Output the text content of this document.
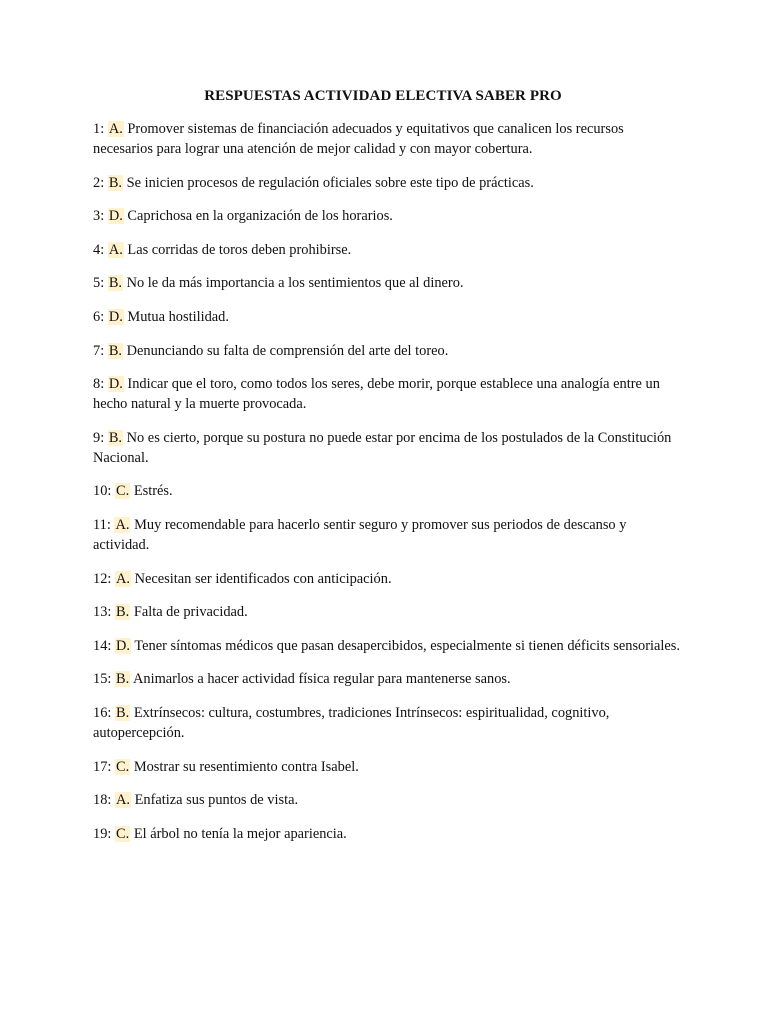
RESPUESTAS ACTIVIDAD ELECTIVA SABER PRO
1: A. Promover sistemas de financiación adecuados y equitativos que canalicen los recursos necesarios para lograr una atención de mejor calidad y con mayor cobertura.
2: B. Se inicien procesos de regulación oficiales sobre este tipo de prácticas.
3: D. Caprichosa en la organización de los horarios.
4: A. Las corridas de toros deben prohibirse.
5: B. No le da más importancia a los sentimientos que al dinero.
6: D. Mutua hostilidad.
7: B. Denunciando su falta de comprensión del arte del toreo.
8: D. Indicar que el toro, como todos los seres, debe morir, porque establece una analogía entre un hecho natural y la muerte provocada.
9: B. No es cierto, porque su postura no puede estar por encima de los postulados de la Constitución Nacional.
10: C. Estrés.
11: A. Muy recomendable para hacerlo sentir seguro y promover sus periodos de descanso y actividad.
12: A. Necesitan ser identificados con anticipación.
13: B. Falta de privacidad.
14: D. Tener síntomas médicos que pasan desapercibidos, especialmente si tienen déficits sensoriales.
15: B. Animarlos a hacer actividad física regular para mantenerse sanos.
16: B. Extrínsecos: cultura, costumbres, tradiciones Intrínsecos: espiritualidad, cognitivo, autopercepción.
17: C. Mostrar su resentimiento contra Isabel.
18: A. Enfatiza sus puntos de vista.
19: C. El árbol no tenía la mejor apariencia.
